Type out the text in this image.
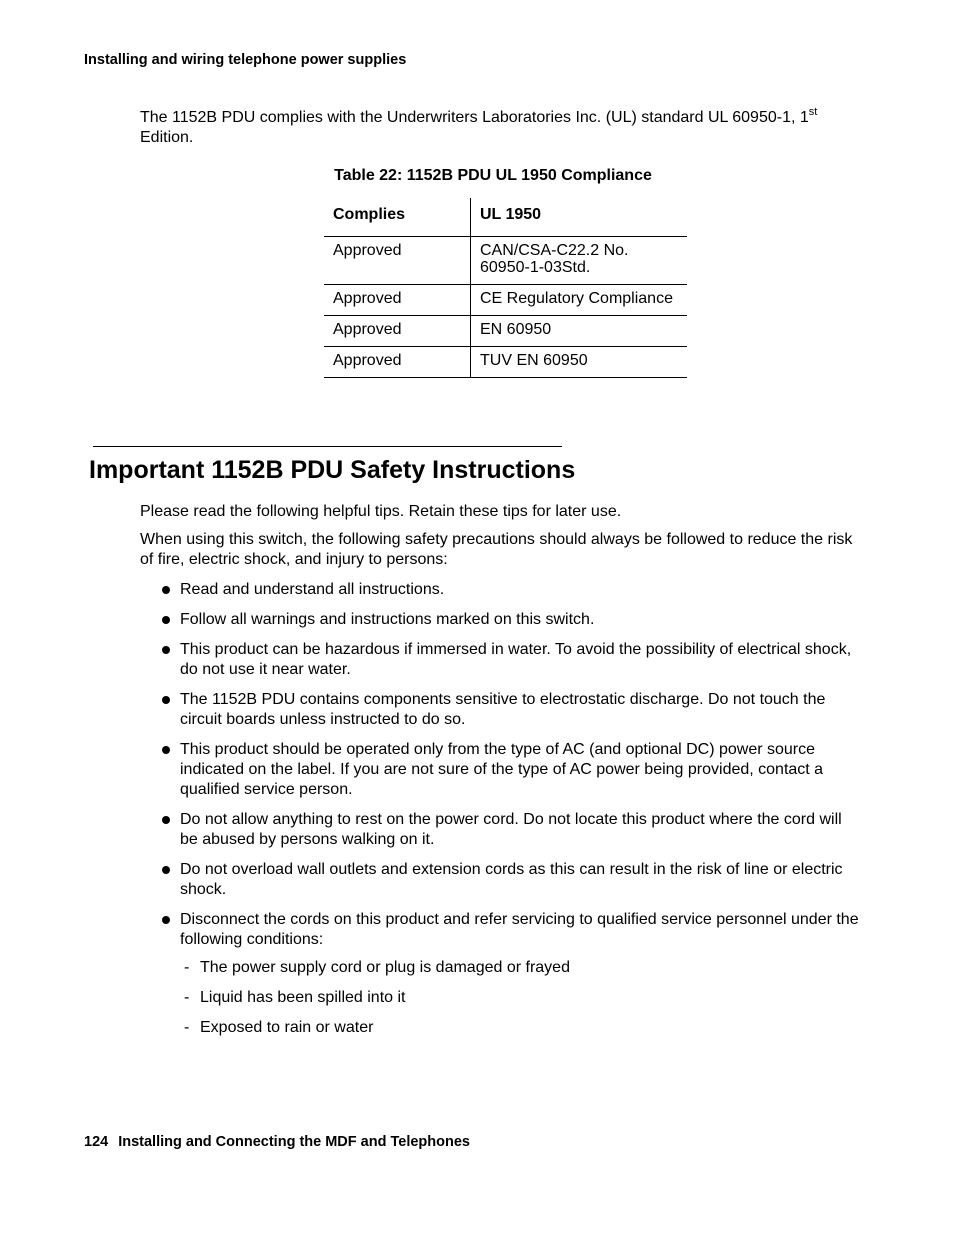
Installing and wiring telephone power supplies

The 1152B PDU complies with the Underwriters Laboratories Inc. (UL) standard UL 60950-1, 1st Edition.

Table 22: 1152B PDU UL 1950 Compliance
Complies	UL 1950
Approved	CAN/CSA-C22.2 No. 60950-1-03Std.
Approved	CE Regulatory Compliance
Approved	EN 60950
Approved	TUV EN 60950
Important 1152B PDU Safety Instructions

Please read the following helpful tips. Retain these tips for later use.

When using this switch, the following safety precautions should always be followed to reduce the risk of fire, electric shock, and injury to persons:

Read and understand all instructions.
Follow all warnings and instructions marked on this switch.
This product can be hazardous if immersed in water. To avoid the possibility of electrical shock, do not use it near water.
The 1152B PDU contains components sensitive to electrostatic discharge. Do not touch the circuit boards unless instructed to do so.
This product should be operated only from the type of AC (and optional DC) power source indicated on the label. If you are not sure of the type of AC power being provided, contact a qualified service person.
Do not allow anything to rest on the power cord. Do not locate this product where the cord will be abused by persons walking on it.
Do not overload wall outlets and extension cords as this can result in the risk of line or electric shock.
Disconnect the cords on this product and refer servicing to qualified service personnel under the following conditions:
- The power supply cord or plug is damaged or frayed
- Liquid has been spilled into it
- Exposed to rain or water
124 Installing and Connecting the MDF and Telephones
